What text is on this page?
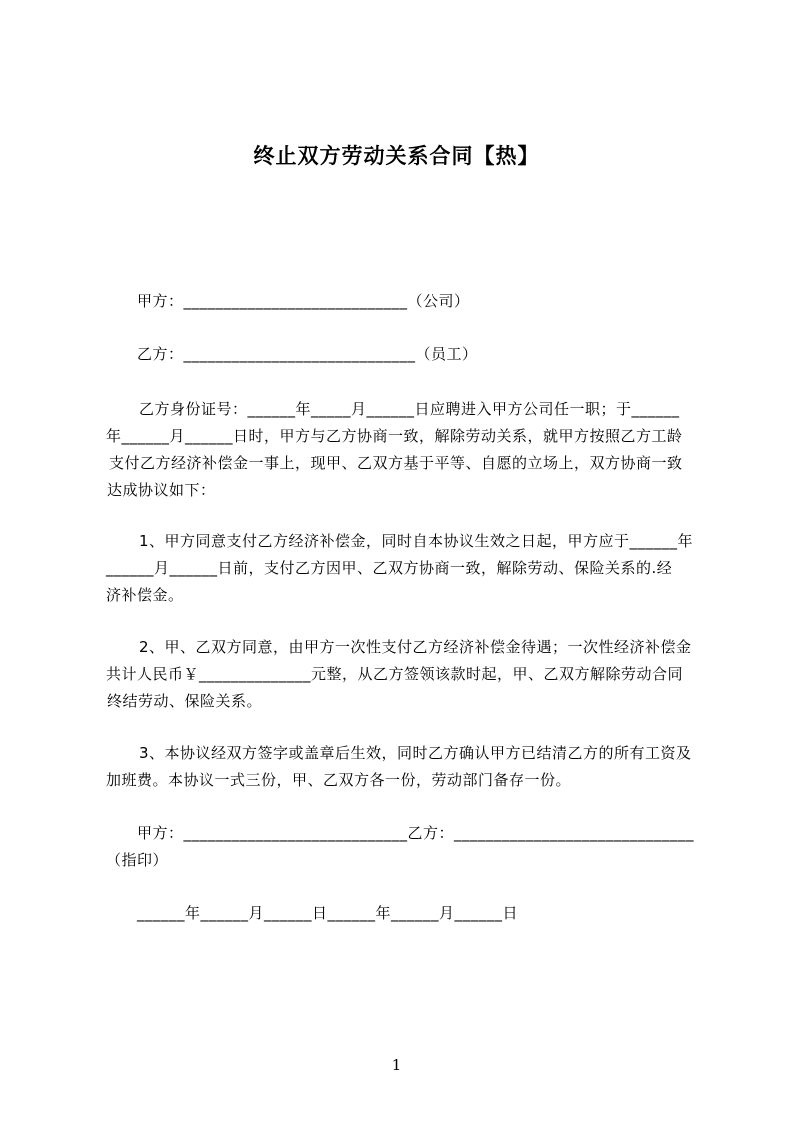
终止双方劳动关系合同【热】
甲方：____________________________（公司）
乙方：_____________________________（员工）
乙方身份证号：______年_____月______日应聘进入甲方公司任一职；于______
年______月______日时，甲方与乙方协商一致，解除劳动关系，就甲方按照乙方工龄
支付乙方经济补偿金一事上，现甲、乙双方基于平等、自愿的立场上，双方协商一致
达成协议如下：
1、甲方同意支付乙方经济补偿金，同时自本协议生效之日起，甲方应于______年
______月______日前，支付乙方因甲、乙双方协商一致，解除劳动、保险关系的.经
济补偿金。
2、甲、乙双方同意，由甲方一次性支付乙方经济补偿金待遇；一次性经济补偿金
共计人民币￥______________元整，从乙方签领该款时起，甲、乙双方解除劳动合同
终结劳动、保险关系。
3、本协议经双方签字或盖章后生效，同时乙方确认甲方已结清乙方的所有工资及
加班费。本协议一式三份，甲、乙双方各一份，劳动部门备存一份。
甲方：____________________________乙方：______________________________
（指印）
______年______月______日______年______月______日
1
